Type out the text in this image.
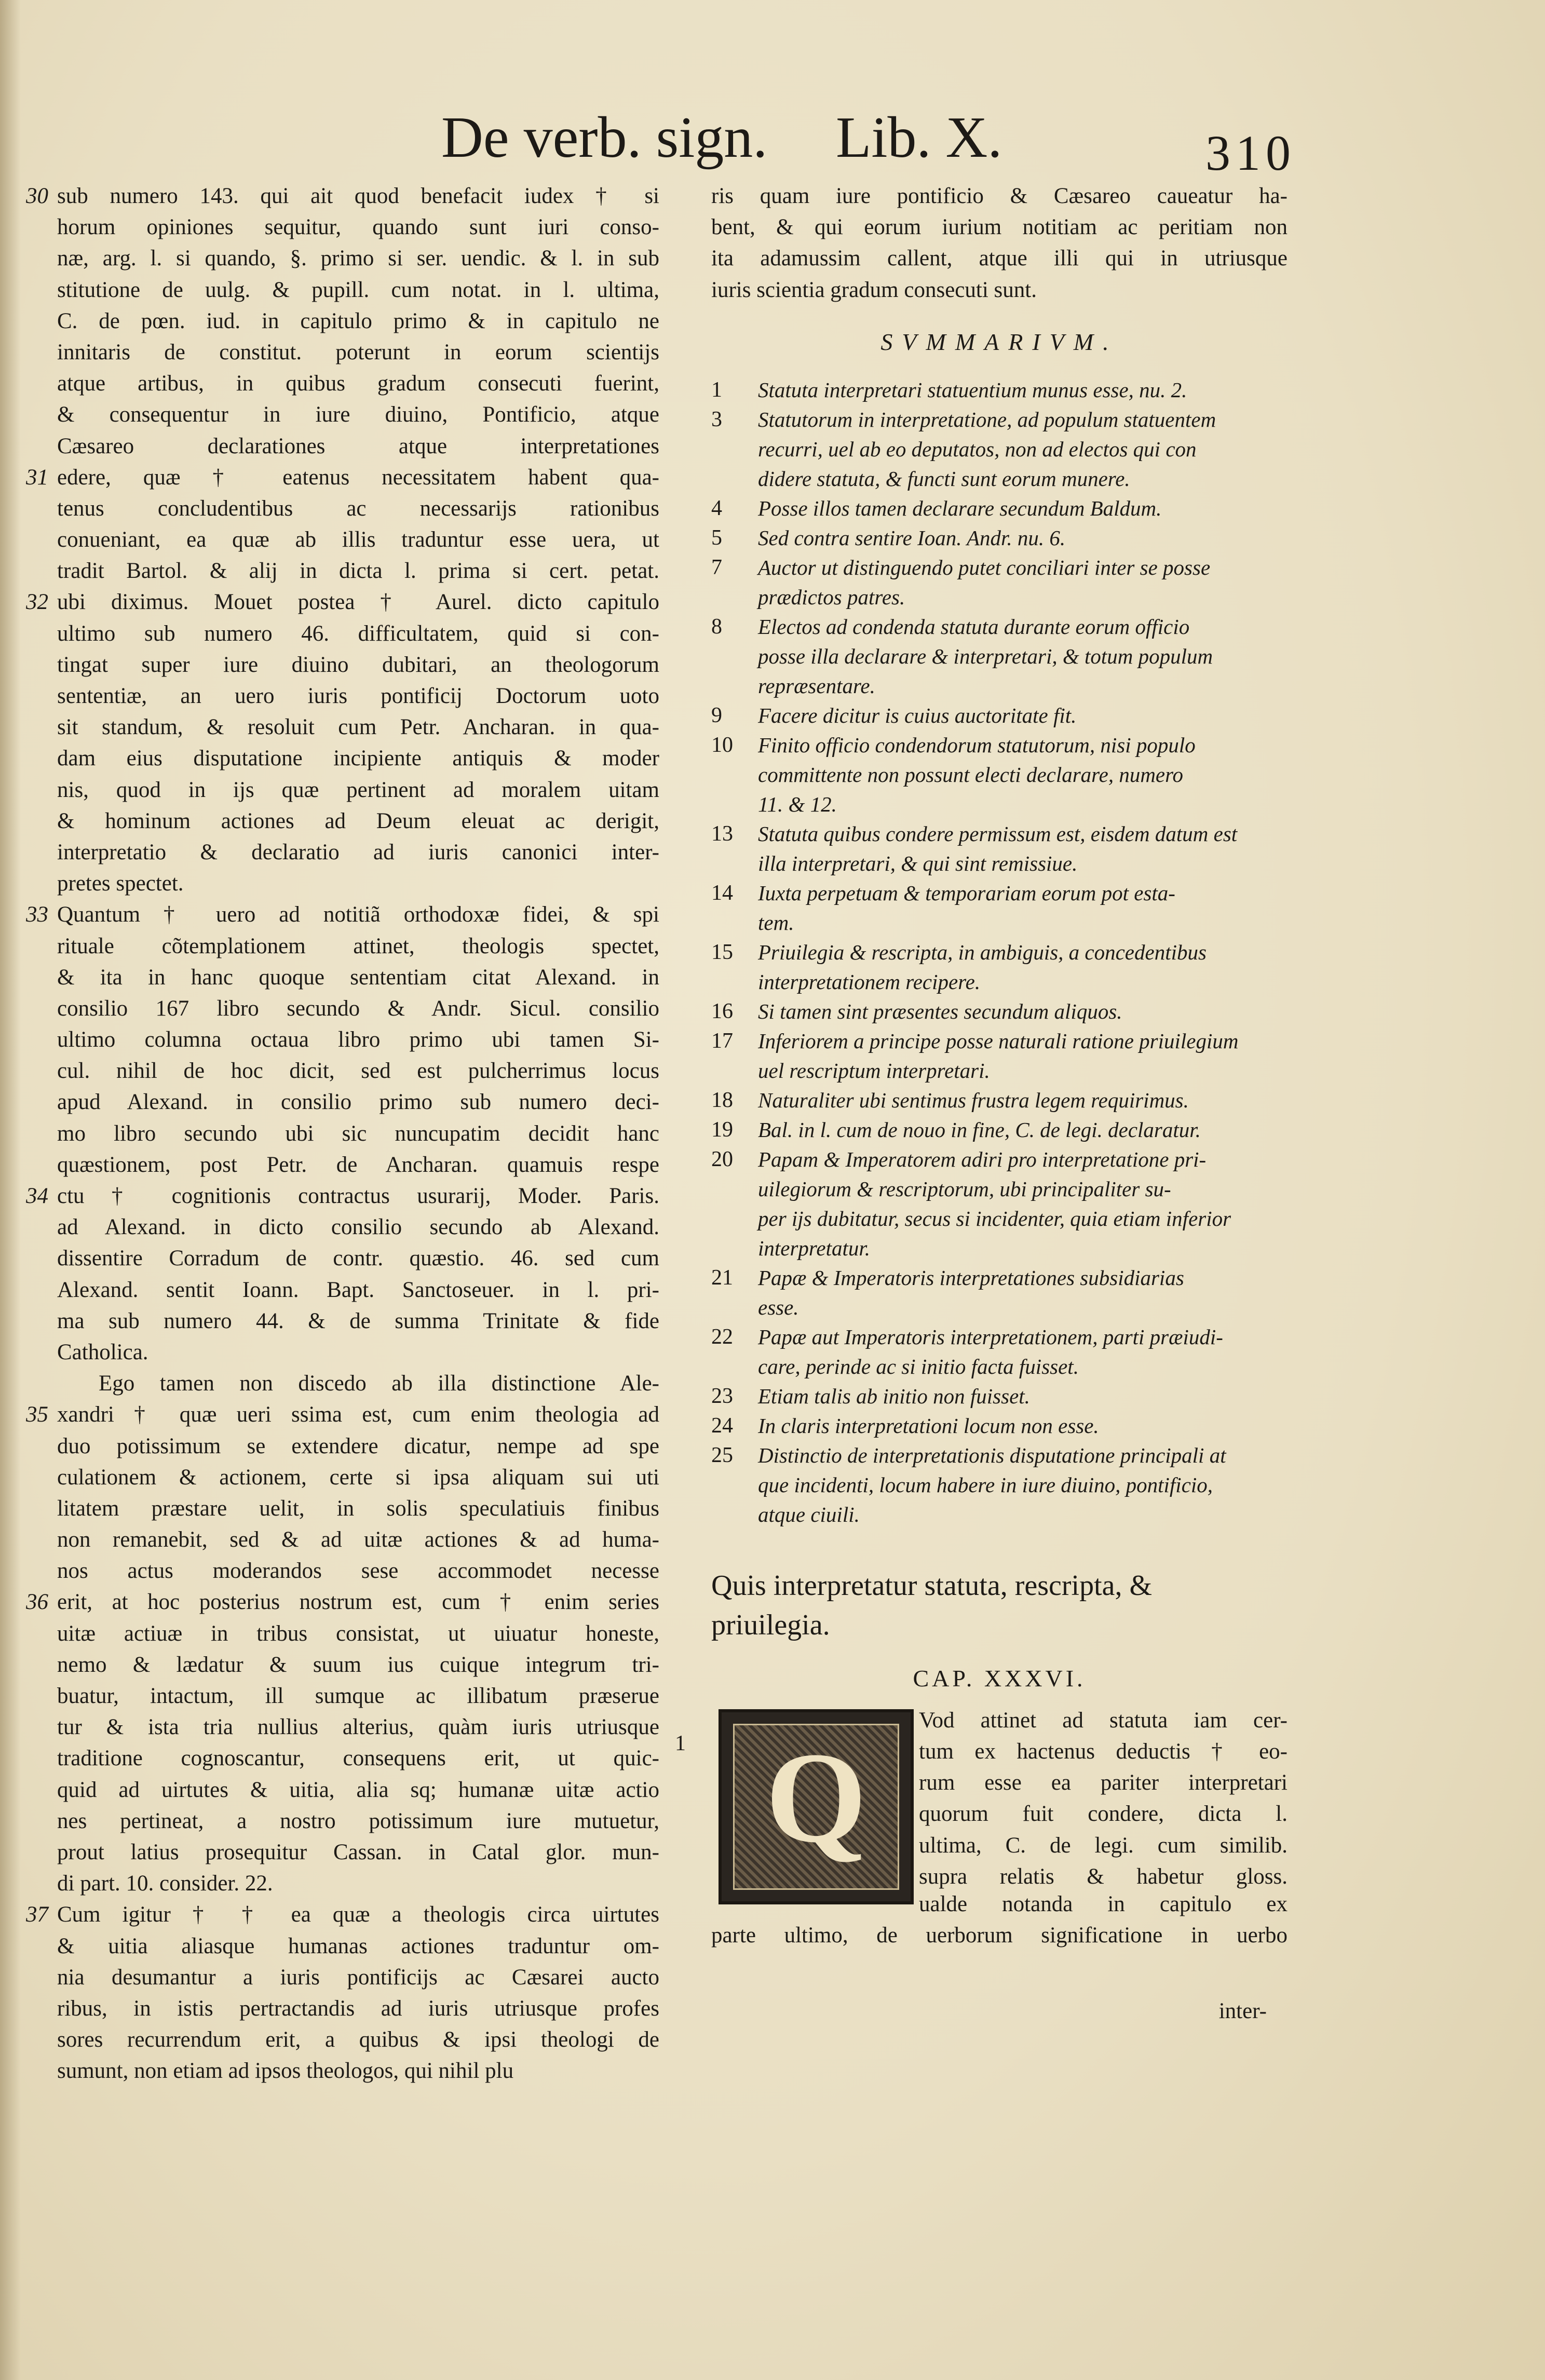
De verb. sign. Lib. X.	310
30 sub numero 143. qui ait quod benefacit iudex † si
horum opiniones sequitur, quando sunt iuri conso-
næ, arg. l. si quando, §. primo si ser. uendic. & l. in sub
stitutione de uulg. & pupill. cum notat. in l. ultima,
C. de pœn. iud. in capitulo primo & in capitulo ne
innitaris de constitut. poterunt in eorum scientijs
atque artibus, in quibus gradum consecuti fuerint,
& consequentur in iure diuino, Pontificio, atque
Cæsareo declarationes atque interpretationes
31 edere, quæ † eatenus necessitatem habent qua-
tenus concludentibus ac necessarijs rationibus
conueniant, ea quæ ab illis traduntur esse uera, ut
tradit Bartol. & alij in dicta l. prima si cert. petat.
32 ubi diximus. Mouet postea † Aurel. dicto capitulo
ultimo sub numero 46. difficultatem, quid si con-
tingat super iure diuino dubitari, an theologorum
sententiæ, an uero iuris pontificij Doctorum uoto
sit standum, & resoluit cum Petr. Ancharan. in qua-
dam eius disputatione incipiente antiquis & moder
nis, quod in ijs quæ pertinent ad moralem uitam
& hominum actiones ad Deum eleuat ac derigit,
interpretatio & declaratio ad iuris canonici inter-
pretes spectet.
33 Quantum † uero ad notitiã orthodoxæ fidei, & spi
rituale cõtemplationem attinet, theologis spectet,
& ita in hanc quoque sententiam citat Alexand. in
consilio 167 libro secundo & Andr. Sicul. consilio
ultimo columna octaua libro primo ubi tamen Si-
cul. nihil de hoc dicit, sed est pulcherrimus locus
apud Alexand. in consilio primo sub numero deci-
mo libro secundo ubi sic nuncupatim decidit hanc
quæstionem, post Petr. de Ancharan. quamuis respe
34 ctu † cognitionis contractus usurarij, Moder. Paris.
ad Alexand. in dicto consilio secundo ab Alexand.
dissentire Corradum de contr. quæstio. 46. sed cum
Alexand. sentit Ioann. Bapt. Sanctoseuer. in l. pri-
ma sub numero 44. & de summa Trinitate & fide
Catholica.
Ego tamen non discedo ab illa distinctione Ale-
35 xandri † quæ ueri ssima est, cum enim theologia ad
duo potissimum se extendere dicatur, nempe ad spe
culationem & actionem, certe si ipsa aliquam sui uti
litatem præstare uelit, in solis speculatiuis finibus
non remanebit, sed & ad uitæ actiones & ad huma-
nos actus moderandos sese accommodet necesse
36 erit, at hoc posterius nostrum est, cum † enim series
uitæ actiuæ in tribus consistat, ut uiuatur honeste,
nemo & lædatur & suum ius cuique integrum tri-
buatur, intactum, ill sumque ac illibatum præserue
tur & ista tria nullius alterius, quàm iuris utriusque
traditione cognoscantur, consequens erit, ut quic-
quid ad uirtutes & uitia, alia sq; humanæ uitæ actio
nes pertineat, a nostro potissimum iure mutuetur,
prout latius prosequitur Cassan. in Catal glor. mun-
di part. 10. consider. 22.
37 Cum igitur † † ea quæ a theologis circa uirtutes
& uitia aliasque humanas actiones traduntur om-
nia desumantur a iuris pontificijs ac Cæsarei aucto
ribus, in istis pertractandis ad iuris utriusque profes
sores recurrendum erit, a quibus & ipsi theologi de
sumunt, non etiam ad ipsos theologos, qui nihil plu
ris quam iure pontificio & Cæsareo caueatur ha-
bent, & qui eorum iurium notitiam ac peritiam non
ita adamussim callent, atque illi qui in utriusque
iuris scientia gradum consecuti sunt.
SVMMARIVM.
1	Statuta interpretari statuentium munus esse, nu. 2.
3	Statutorum in interpretatione, ad populum statuentem
recurri, uel ab eo deputatos, non ad electos qui con
didere statuta, & functi sunt eorum munere.
4	Posse illos tamen declarare secundum Baldum.
5	Sed contra sentire Ioan. Andr. nu. 6.
7	Auctor ut distinguendo putet conciliari inter se posse
prædictos patres.
8	Electos ad condenda statuta durante eorum officio
posse illa declarare & interpretari, & totum populum
repræsentare.
9	Facere dicitur is cuius auctoritate fit.
10	Finito officio condendorum statutorum, nisi populo
committente non possunt electi declarare, numero
11. & 12.
13	Statuta quibus condere permissum est, eisdem datum est
illa interpretari, & qui sint remissiue.
14	Iuxta perpetuam & temporariam eorum pot esta-
tem.
15	Priuilegia & rescripta, in ambiguis, a concedentibus
interpretationem recipere.
16	Si tamen sint præsentes secundum aliquos.
17	Inferiorem a principe posse naturali ratione priuilegium
uel rescriptum interpretari.
18	Naturaliter ubi sentimus frustra legem requirimus.
19	Bal. in l. cum de nouo in fine, C. de legi. declaratur.
20	Papam & Imperatorem adiri pro interpretatione pri-
uilegiorum & rescriptorum, ubi principaliter su-
per ijs dubitatur, secus si incidenter, quia etiam inferior
interpretatur.
21	Papæ & Imperatoris interpretationes subsidiarias
esse.
22	Papæ aut Imperatoris interpretationem, parti præiudi-
care, perinde ac si initio facta fuisset.
23	Etiam talis ab initio non fuisset.
24	In claris interpretationi locum non esse.
25	Distinctio de interpretationis disputatione principali at
que incidenti, locum habere in iure diuino, pontificio,
atque ciuili.
Quis interpretatur statuta, rescripta, &
priuilegia.
CAP. XXXVI.
1 Q
Vod attinet ad statuta iam cer-
tum ex hactenus deductis † eo-
rum esse ea pariter interpretari
quorum fuit condere, dicta l.
ultima, C. de legi. cum similib.
supra relatis & habetur gloss.
ualde notanda in capitulo ex
parte ultimo, de uerborum significatione in uerbo
inter-
